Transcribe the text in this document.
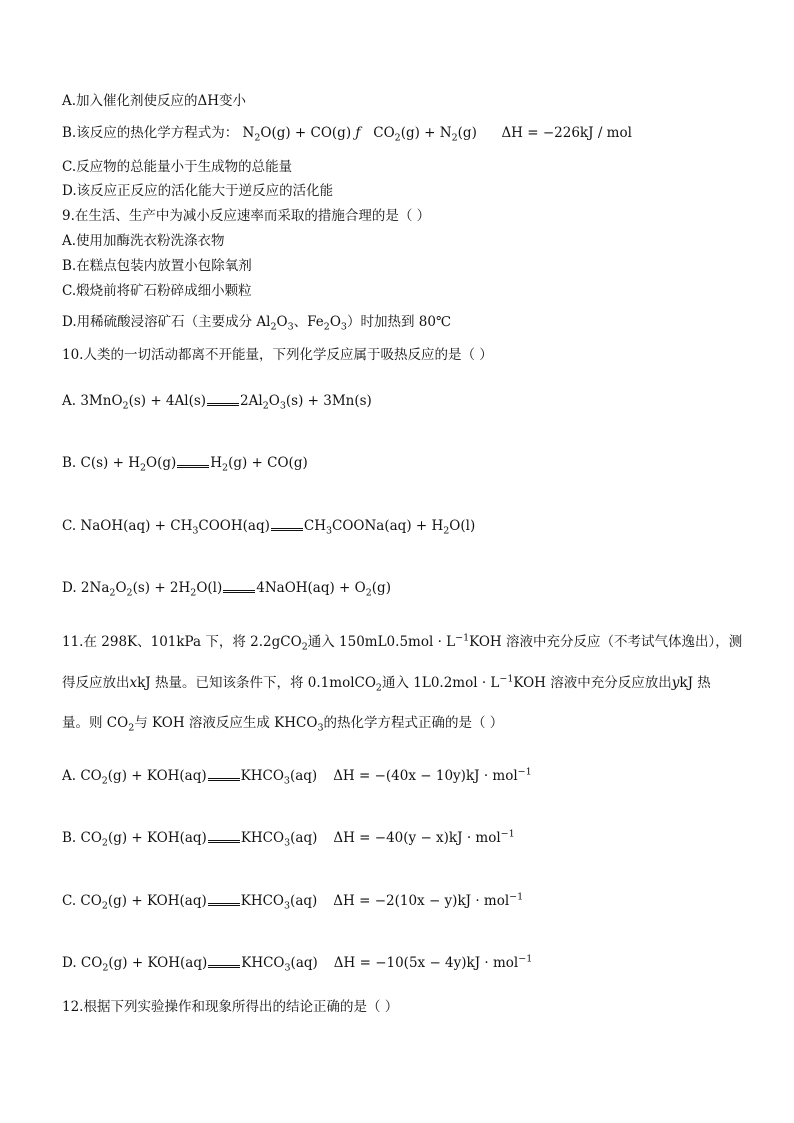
A.加入催化剂使反应的ΔH变小
B.该反应的热化学方程式为： $N_2O(g) + CO(g)$ ƒ   $CO_2(g) + N_2(g) \Delta H = -226kJ$ / mol
C.反应物的总能量小于生成物的总能量
D.该反应正反应的活化能大于逆反应的活化能
9.在生活、生产中为减小反应速率而采取的措施合理的是（ ）
A.使用加酶洗衣粉洗涤衣物
B.在糕点包装内放置小包除氧剂
C.煅烧前将矿石粉碎成细小颗粒
D.用稀硫酸浸溶矿石（主要成分 $Al_2O_3$、$Fe_2O_3$）时加热到 80℃
10.人类的一切活动都离不开能量，下列化学反应属于吸热反应的是（ ）
A. 3MnO$_2$(s) + 4Al(s)	$2Al_2O_3(s) + 3Mn(s)$
B. $C(s) + H_2O(g)$	$H_2(g) + CO(g)$
C. NaOH(aq) + $CH_3COOH(aq)$	$CH_3COONa(aq) + H_2O(l)$
D. $2Na_2O_2(s) + 2H_2O(l)$	4NaOH(aq) + $O_2(g)$
11.在 298K、101kPa 下，将 2.2gCO$_2$通入 $150mL0.5mol \cdot L^{-1}KOH$ 溶液中充分反应（不考试气体逸出），测
得反应放出xkJ 热量。已知该条件下，将 0.1molCO$_2$通入 $1L0.2mol \cdot L^{-1}KOH$ 溶液中充分反应放出ykJ 热
量。则 $CO_2$与 KOH 溶液反应生成 $KHCO_3$的热化学方程式正确的是（ ）
A. $CO_2(g) + KOH(aq)$	$KHCO_3(aq) \Delta H = -(40x - 10y)kJ \cdot mol^{-1}$
B. $CO_2(g) + KOH(aq)$	$KHCO_3(aq) \Delta H = -40(y - x)kJ \cdot mol^{-1}$
C. $CO_2(g) + KOH(aq)$	$KHCO_3(aq) \Delta H = -2(10x - y)kJ \cdot mol^{-1}$
D. $CO_2(g) + KOH(aq)$	$KHCO_3(aq) \Delta H = -10(5x - 4y)kJ \cdot mol^{-1}$
12.根据下列实验操作和现象所得出的结论正确的是（ ）
